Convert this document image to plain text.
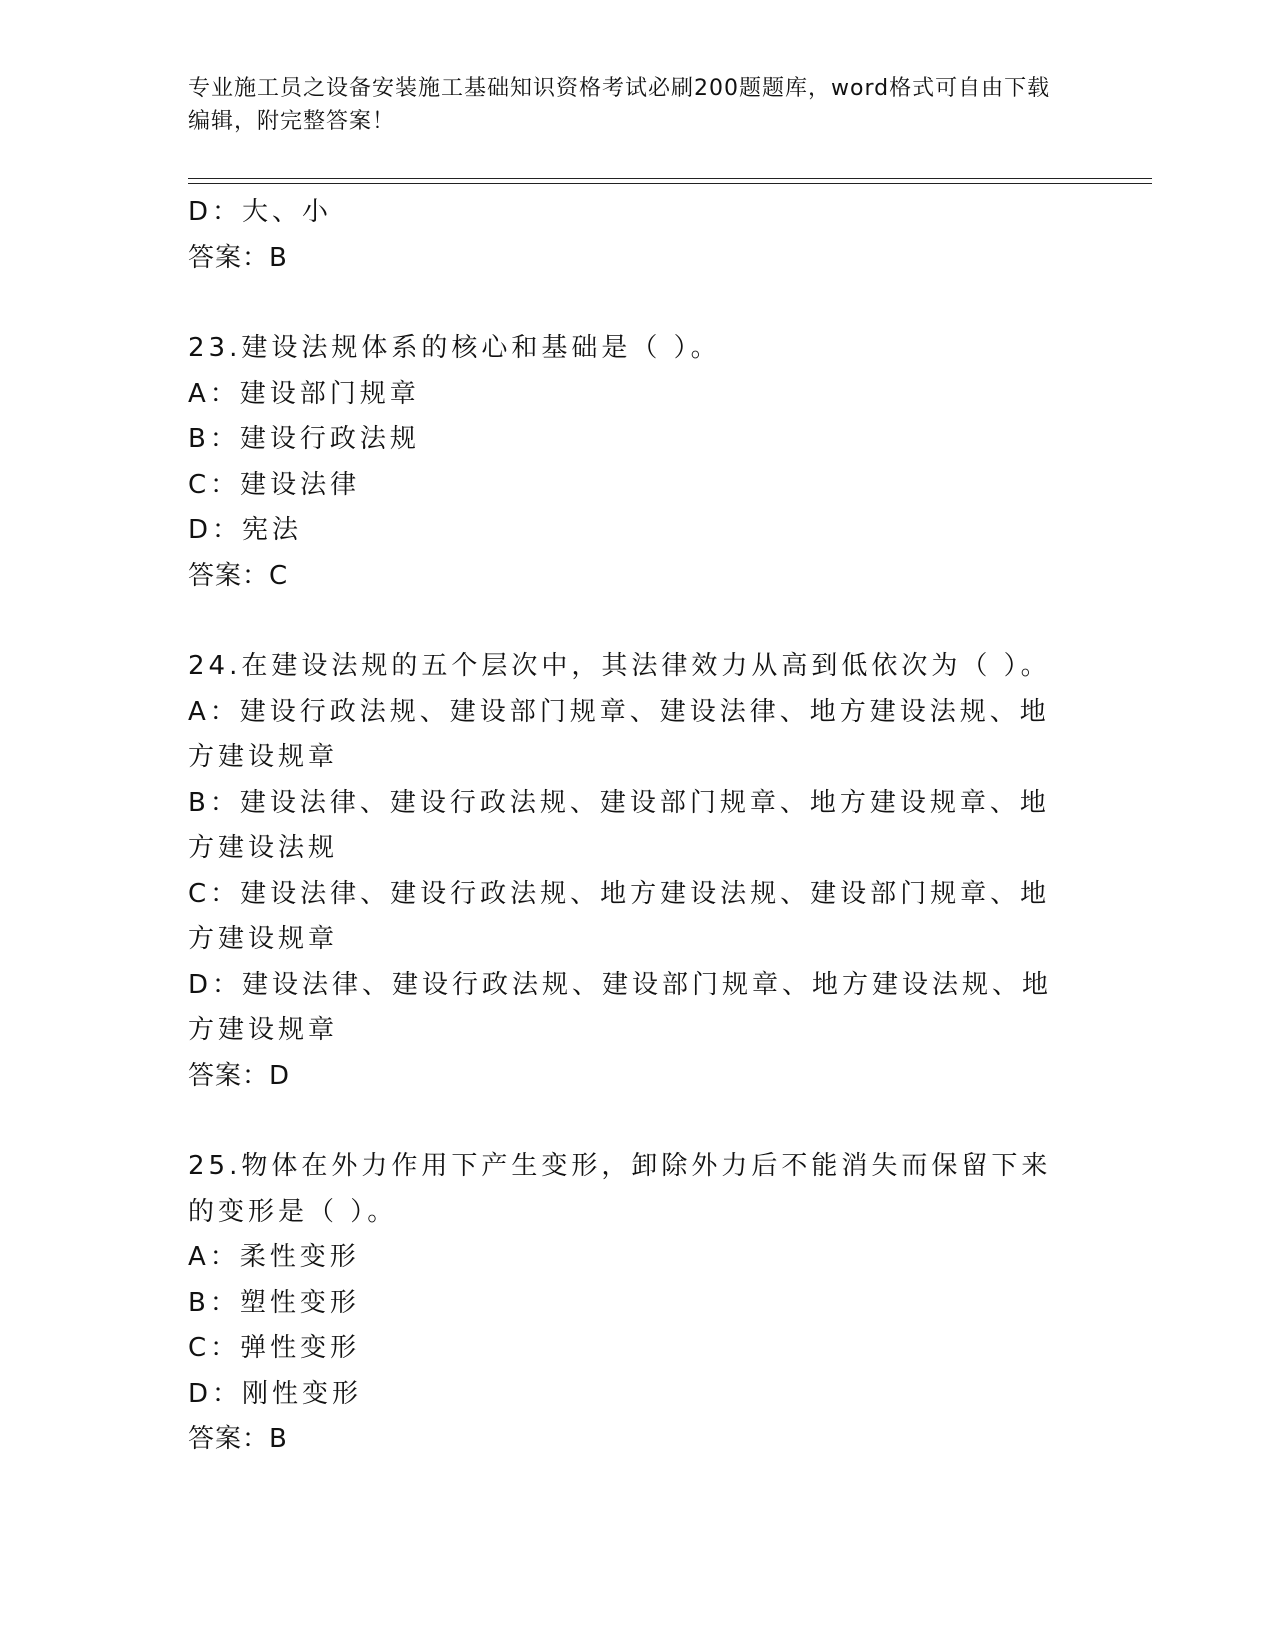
专业施工员之设备安装施工基础知识资格考试必刷200题题库，word格式可自由下载编辑，附完整答案！
D：大、小
答案：B
23.建设法规体系的核心和基础是（ ）。
A：建设部门规章
B：建设行政法规
C：建设法律
D：宪法
答案：C
24.在建设法规的五个层次中，其法律效力从高到低依次为（ ）。
A：建设行政法规、建设部门规章、建设法律、地方建设法规、地方建设规章
B：建设法律、建设行政法规、建设部门规章、地方建设规章、地方建设法规
C：建设法律、建设行政法规、地方建设法规、建设部门规章、地方建设规章
D：建设法律、建设行政法规、建设部门规章、地方建设法规、地方建设规章
答案：D
25.物体在外力作用下产生变形，卸除外力后不能消失而保留下来的变形是（ ）。
A：柔性变形
B：塑性变形
C：弹性变形
D：刚性变形
答案：B
